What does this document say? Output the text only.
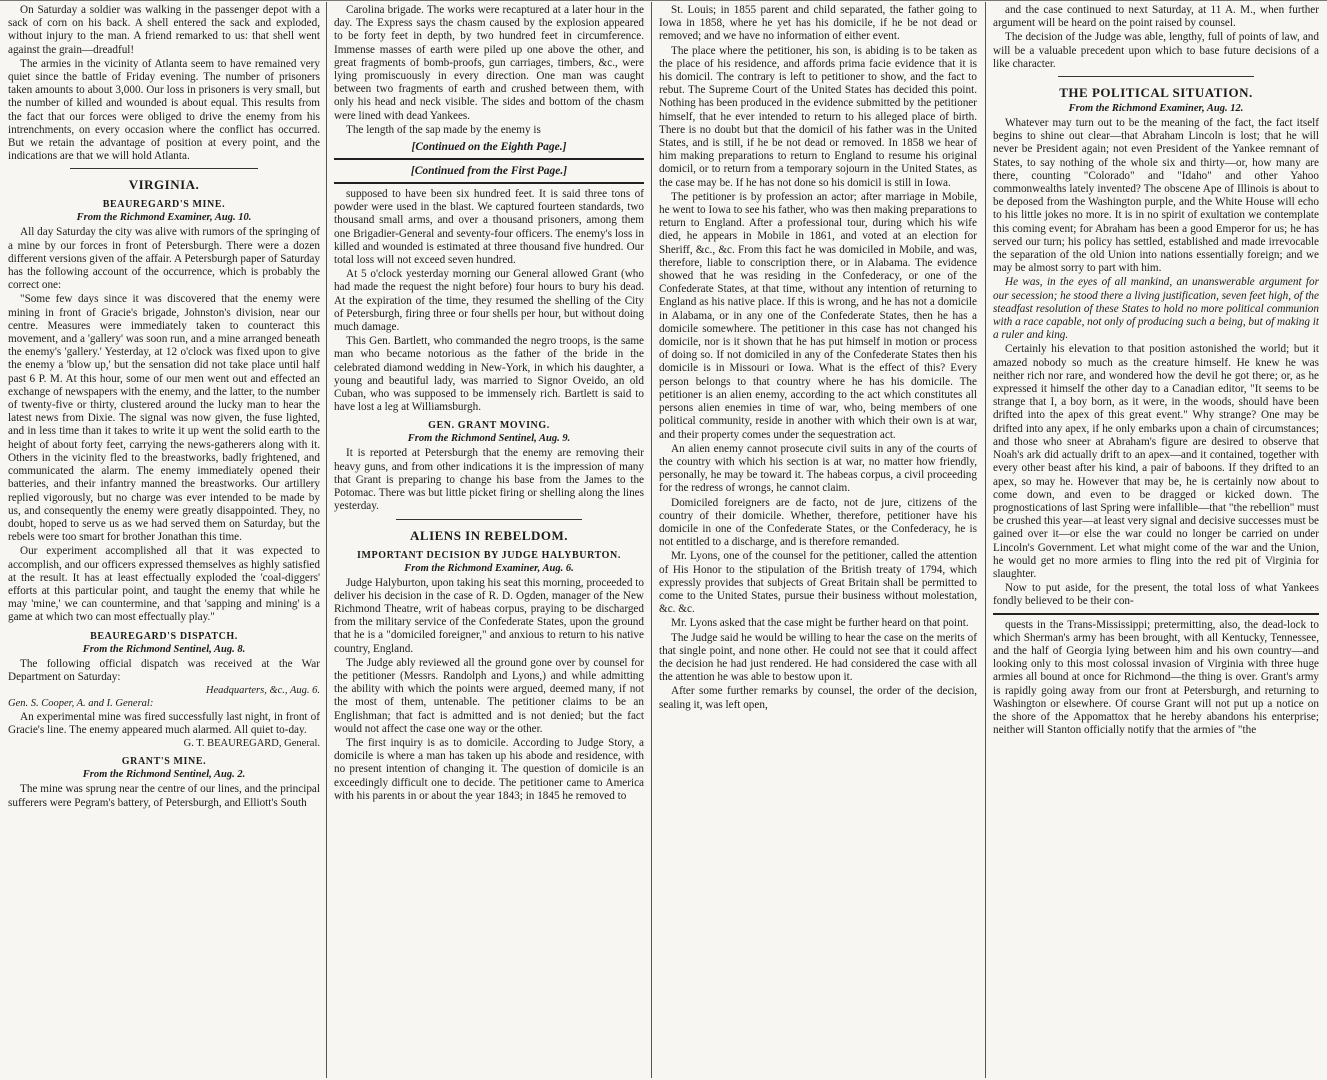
On Saturday a soldier was walking in the passenger depot with a sack of corn on his back. A shell entered the sack and exploded, without injury to the man. A friend remarked to us: that shell went against the grain—dreadful!

The armies in the vicinity of Atlanta seem to have remained very quiet since the battle of Friday evening. The number of prisoners taken amounts to about 3,000. Our loss in prisoners is very small, but the number of killed and wounded is about equal. This results from the fact that our forces were obliged to drive the enemy from his intrenchments, on every occasion where the conflict has occurred. But we retain the advantage of position at every point, and the indications are that we will hold Atlanta.

VIRGINIA.
BEAUREGARD'S MINE.
From the Richmond Examiner, Aug. 10.

All day Saturday the city was alive with rumors of the springing of a mine by our forces in front of Petersburgh. There were a dozen different versions given of the affair. A Petersburgh paper of Saturday has the following account of the occurrence, which is probably the correct one:

"Some few days since it was discovered that the enemy were mining in front of Gracie's brigade, Johnston's division, near our centre. Measures were immediately taken to counteract this movement, and a 'gallery' was soon run, and a mine arranged beneath the enemy's 'gallery.' Yesterday, at 12 o'clock was fixed upon to give the enemy a 'blow up,' but the sensation did not take place until half past 6 P. M. At this hour, some of our men went out and effected an exchange of newspapers with the enemy, and the latter, to the number of twenty-five or thirty, clustered around the lucky man to hear the latest news from Dixie. The signal was now given, the fuse lighted, and in less time than it takes to write it up went the solid earth to the height of about forty feet, carrying the news-gatherers along with it. Others in the vicinity fled to the breastworks, badly frightened, and communicated the alarm. The enemy immediately opened their batteries, and their infantry manned the breastworks. Our artillery replied vigorously, but no charge was ever intended to be made by us, and consequently the enemy were greatly disappointed. They, no doubt, hoped to serve us as we had served them on Saturday, but the rebels were too smart for brother Jonathan this time.

Our experiment accomplished all that it was expected to accomplish, and our officers expressed themselves as highly satisfied at the result. It has at least effectually exploded the 'coal-diggers' efforts at this particular point, and taught the enemy that while he may 'mine,' we can countermine, and that 'sapping and mining' is a game at which two can most effectually play."

BEAUREGARD'S DISPATCH.
From the Richmond Sentinel, Aug. 8.

The following official dispatch was received at the War Department on Saturday:

Headquarters, &c., Aug. 6.
Gen. S. Cooper, A. and I. General:

An experimental mine was fired successfully last night, in front of Gracie's line. The enemy appeared much alarmed. All quiet to-day.

G. T. BEAUREGARD, General.
GRANT'S MINE.
From the Richmond Sentinel, Aug. 2.

The mine was sprung near the centre of our lines, and the principal sufferers were Pegram's battery, of Petersburgh, and Elliott's South

Carolina brigade. The works were recaptured at a later hour in the day. The Express says the chasm caused by the explosion appeared to be forty feet in depth, by two hundred feet in circumference. Immense masses of earth were piled up one above the other, and great fragments of bomb-proofs, gun carriages, timbers, &c., were lying promiscuously in every direction. One man was caught between two fragments of earth and crushed between them, with only his head and neck visible. The sides and bottom of the chasm were lined with dead Yankees.

The length of the sap made by the enemy is

[Continued on the Eighth Page.]
[Continued from the First Page.]

supposed to have been six hundred feet. It is said three tons of powder were used in the blast. We captured fourteen standards, two thousand small arms, and over a thousand prisoners, among them one Brigadier-General and seventy-four officers. The enemy's loss in killed and wounded is estimated at three thousand five hundred. Our total loss will not exceed seven hundred.

At 5 o'clock yesterday morning our General allowed Grant (who had made the request the night before) four hours to bury his dead. At the expiration of the time, they resumed the shelling of the City of Petersburgh, firing three or four shells per hour, but without doing much damage.

This Gen. Bartlett, who commanded the negro troops, is the same man who became notorious as the father of the bride in the celebrated diamond wedding in New-York, in which his daughter, a young and beautiful lady, was married to Signor Oveido, an old Cuban, who was supposed to be immensely rich. Bartlett is said to have lost a leg at Williamsburgh.

GEN. GRANT MOVING.
From the Richmond Sentinel, Aug. 9.

It is reported at Petersburgh that the enemy are removing their heavy guns, and from other indications it is the impression of many that Grant is preparing to change his base from the James to the Potomac. There was but little picket firing or shelling along the lines yesterday.

ALIENS IN REBELDOM.
IMPORTANT DECISION BY JUDGE HALYBURTON.
From the Richmond Examiner, Aug. 6.

Judge Halyburton, upon taking his seat this morning, proceeded to deliver his decision in the case of R. D. Ogden, manager of the New Richmond Theatre, writ of habeas corpus, praying to be discharged from the military service of the Confederate States, upon the ground that he is a "domiciled foreigner," and anxious to return to his native country, England.

The Judge ably reviewed all the ground gone over by counsel for the petitioner (Messrs. Randolph and Lyons,) and while admitting the ability with which the points were argued, deemed many, if not the most of them, untenable. The petitioner claims to be an Englishman; that fact is admitted and is not denied; but the fact would not affect the case one way or the other.

The first inquiry is as to domicile. According to Judge Story, a domicile is where a man has taken up his abode and residence, with no present intention of changing it. The question of domicile is an exceedingly difficult one to decide. The petitioner came to America with his parents in or about the year 1843; in 1845 he removed to

St. Louis; in 1855 parent and child separated, the father going to Iowa in 1858, where he yet has his domicile, if he be not dead or removed; and we have no information of either event.

The place where the petitioner, his son, is abiding is to be taken as the place of his residence, and affords prima facie evidence that it is his domicil. The contrary is left to petitioner to show, and the fact to rebut. The Supreme Court of the United States has decided this point. Nothing has been produced in the evidence submitted by the petitioner himself, that he ever intended to return to his alleged place of birth. There is no doubt but that the domicil of his father was in the United States, and is still, if he be not dead or removed. In 1858 we hear of him making preparations to return to England to resume his original domicil, or to return from a temporary sojourn in the United States, as the case may be. If he has not done so his domicil is still in Iowa.

The petitioner is by profession an actor; after marriage in Mobile, he went to Iowa to see his father, who was then making preparations to return to England. After a professional tour, during which his wife died, he appears in Mobile in 1861, and voted at an election for Sheriff, &c., &c. From this fact he was domiciled in Mobile, and was, therefore, liable to conscription there, or in Alabama. The evidence showed that he was residing in the Confederacy, or one of the Confederate States, at that time, without any intention of returning to England as his native place. If this is wrong, and he has not a domicile in Alabama, or in any one of the Confederate States, then he has a domicile somewhere. The petitioner in this case has not changed his domicile, nor is it shown that he has put himself in motion or process of doing so. If not domiciled in any of the Confederate States then his domicile is in Missouri or Iowa. What is the effect of this? Every person belongs to that country where he has his domicile. The petitioner is an alien enemy, according to the act which constitutes all persons alien enemies in time of war, who, being members of one political community, reside in another with which their own is at war, and their property comes under the sequestration act.

An alien enemy cannot prosecute civil suits in any of the courts of the country with which his section is at war, no matter how friendly, personally, he may be toward it. The habeas corpus, a civil proceeding for the redress of wrongs, he cannot claim.

Domiciled foreigners are de facto, not de jure, citizens of the country of their domicile. Whether, therefore, petitioner have his domicile in one of the Confederate States, or the Confederacy, he is not entitled to a discharge, and is therefore remanded.

Mr. Lyons, one of the counsel for the petitioner, called the attention of His Honor to the stipulation of the British treaty of 1794, which expressly provides that subjects of Great Britain shall be permitted to come to the United States, pursue their business without molestation, &c. &c.

Mr. Lyons asked that the case might be further heard on that point.

The Judge said he would be willing to hear the case on the merits of that single point, and none other. He could not see that it could affect the decision he had just rendered. He had considered the case with all the attention he was able to bestow upon it.

After some further remarks by counsel, the order of the decision, sealing it, was left open,

and the case continued to next Saturday, at 11 A. M., when further argument will be heard on the point raised by counsel.

The decision of the Judge was able, lengthy, full of points of law, and will be a valuable precedent upon which to base future decisions of a like character.

THE POLITICAL SITUATION.
From the Richmond Examiner, Aug. 12.

Whatever may turn out to be the meaning of the fact, the fact itself begins to shine out clear—that Abraham Lincoln is lost; that he will never be President again; not even President of the Yankee remnant of States, to say nothing of the whole six and thirty—or, how many are there, counting "Colorado" and "Idaho" and other Yahoo commonwealths lately invented? The obscene Ape of Illinois is about to be deposed from the Washington purple, and the White House will echo to his little jokes no more. It is in no spirit of exultation we contemplate this coming event; for Abraham has been a good Emperor for us; he has served our turn; his policy has settled, established and made irrevocable the separation of the old Union into nations essentially foreign; and we may be almost sorry to part with him.

He was, in the eyes of all mankind, an unanswerable argument for our secession; he stood there a living justification, seven feet high, of the steadfast resolution of these States to hold no more political communion with a race capable, not only of producing such a being, but of making it a ruler and king.

Certainly his elevation to that position astonished the world; but it amazed nobody so much as the creature himself. He knew he was neither rich nor rare, and wondered how the devil he got there; or, as he expressed it himself the other day to a Canadian editor, "It seems to be strange that I, a boy born, as it were, in the woods, should have been drifted into the apex of this great event." Why strange? One may be drifted into any apex, if he only embarks upon a chain of circumstances; and those who sneer at Abraham's figure are desired to observe that Noah's ark did actually drift to an apex—and it contained, together with every other beast after his kind, a pair of baboons. If they drifted to an apex, so may he. However that may be, he is certainly now about to come down, and even to be dragged or kicked down. The prognostications of last Spring were infallible—that "the rebellion" must be crushed this year—at least very signal and decisive successes must be gained over it—or else the war could no longer be carried on under Lincoln's Government. Let what might come of the war and the Union, he would get no more armies to fling into the red pit of Virginia for slaughter.

Now to put aside, for the present, the total loss of what Yankees fondly believed to be their con-

quests in the Trans-Mississippi; pretermitting, also, the dead-lock to which Sherman's army has been brought, with all Kentucky, Tennessee, and the half of Georgia lying between him and his own country—and looking only to this most colossal invasion of Virginia with three huge armies all bound at once for Richmond—the thing is over. Grant's army is rapidly going away from our front at Petersburgh, and returning to Washington or elsewhere. Of course Grant will not put up a notice on the shore of the Appomattox that he hereby abandons his enterprise; neither will Stanton officially notify that the armies of "the
